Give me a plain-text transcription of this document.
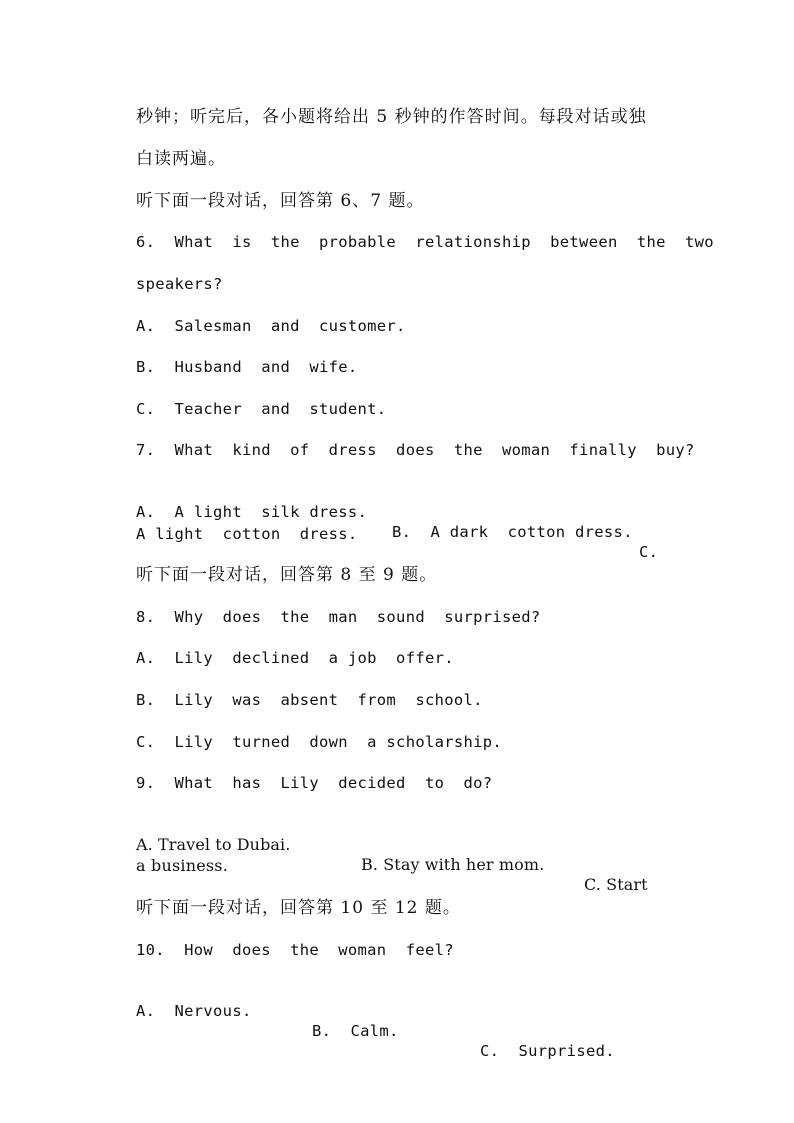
秒钟；听完后，各小题将给出 5 秒钟的作答时间。每段对话或独
白读两遍。
听下面一段对话，回答第 6、7 题。
6.  What  is  the  probable  relationship  between  the  two
speakers?
A.  Salesman  and  customer.
B.  Husband  and  wife.
C.  Teacher  and  student.
7.  What  kind  of  dress  does  the  woman  finally  buy?

A.  A light  silk dress.

B.  A dark  cotton dress.

C.

A light  cotton  dress.
听下面一段对话，回答第 8 至 9 题。
8.  Why  does  the  man  sound  surprised?
A.  Lily  declined  a job  offer.
B.  Lily  was  absent  from  school.
C.  Lily  turned  down  a scholarship.
9.  What  has  Lily  decided  to  do?

A. Travel to Dubai.

B. Stay with her mom.

C. Start

a business.
听下面一段对话，回答第 10 至 12 题。
10.  How  does  the  woman  feel?

A.  Nervous.

B.  Calm.

C.  Surprised.
